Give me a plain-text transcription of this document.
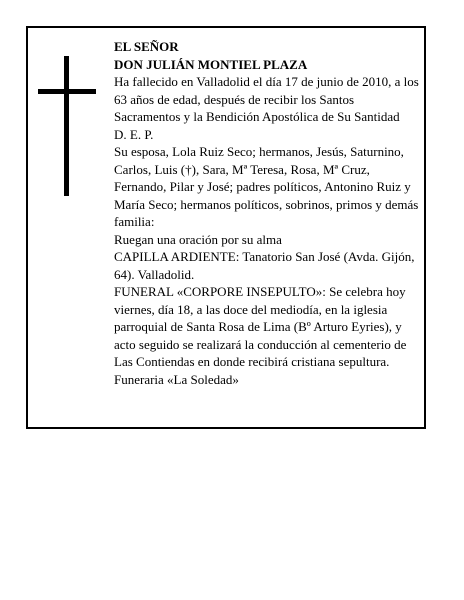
EL SEÑOR

DON JULIÁN MONTIEL PLAZA

Ha fallecido en Valladolid el día 17 de junio de 2010, a los 63 años de edad, después de recibir los Santos Sacramentos y la Bendición Apostólica de Su Santidad

D. E. P.

Su esposa, Lola Ruiz Seco; hermanos, Jesús, Saturnino, Carlos, Luis (†), Sara, Mª Teresa, Rosa, Mª Cruz, Fernando, Pilar y José; padres políticos, Antonino Ruiz y María Seco; hermanos políticos, sobrinos, primos y demás familia:

Ruegan una oración por su alma

CAPILLA ARDIENTE: Tanatorio San José (Avda. Gijón, 64). Valladolid.

FUNERAL «CORPORE INSEPULTO»: Se celebra hoy viernes, día 18, a las doce del mediodía, en la iglesia parroquial de Santa Rosa de Lima (Bº Arturo Eyries), y acto seguido se realizará la conducción al cementerio de Las Contiendas en donde recibirá cristiana sepultura.

Funeraria «La Soledad»
